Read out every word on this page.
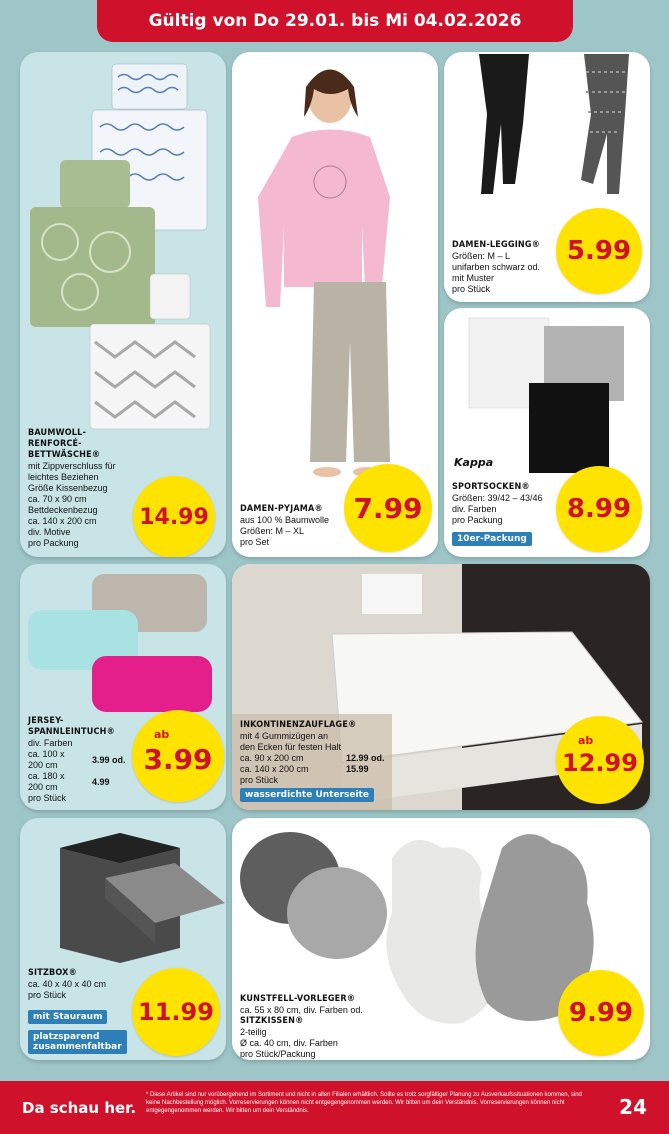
Gültig von Do 29.01. bis Mi 04.02.2026
BAUMWOLL-
RENFORCÉ-
BETTWÄSCHE®
mit Zippverschluss für
leichtes Beziehen
Größe Kissenbezug
ca. 70 x 90 cm
Bettdeckenbezug
ca. 140 x 200 cm
div. Motive
pro Packung
14.99	DAMEN-PYJAMA®
aus 100 % Baumwolle
Größen: M – XL
pro Set
7.99
DAMEN-LEGGING®
Größen: M – L
unifarben schwarz od.
mit Muster
pro Stück
5.99
Kappa
SPORTSOCKEN®
Größen: 39/42 – 43/46
div. Farben
pro Packung
10er-Packung
8.99
JERSEY-
SPANNLEINTUCH®
div. Farben
ca. 100 x
200 cm
3.99 od.
ca. 180 x
200 cm
4.99
pro Stück
ab
3.99
INKONTINENZAUFLAGE®
mit 4 Gummizügen an
den Ecken für festen Halt
ca. 90 x 200 cm	12.99 od.
ca. 140 x 200 cm	15.99
pro Stück
wasserdichte Unterseite
ab
12.99
SITZBOX®
ca. 40 x 40 x 40 cm
pro Stück
mit Stauraum
platzsparend
zusammenfaltbar
11.99	KUNSTFELL-VORLEGER®
ca. 55 x 80 cm, div. Farben od.
SITZKISSEN®
2-teilig
Ø ca. 40 cm, div. Farben
pro Stück/Packung
9.99
Da schau her.
* Diese Artikel sind nur vorübergehend im Sortiment und nicht in allen Filialen erhältlich. Sollte es trotz sorgfältiger Planung zu Ausverkaufssituationen kommen, sind keine Nachbestellung möglich. Vorreservierungen können nicht entgegengenommen werden. Wir bitten um dein Verständnis. Vorreservierungen können nicht entgegengenommen werden. Wir bitten um dein Verständnis.	24
